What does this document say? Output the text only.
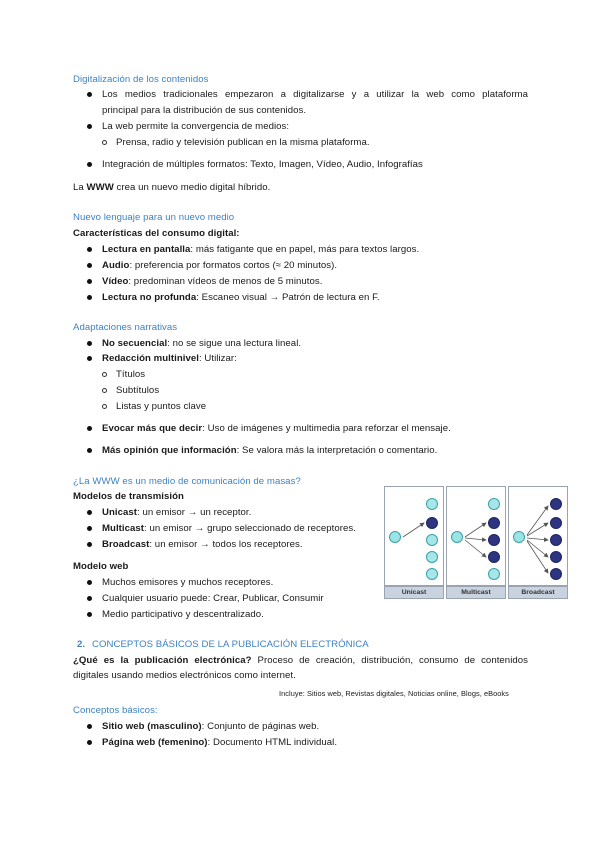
Digitalización de los contenidos
Los medios tradicionales empezaron a digitalizarse y a utilizar la web como plataforma
principal para la distribución de sus contenidos.
La web permite la convergencia de medios:
Prensa, radio y televisión publican en la misma plataforma.
Integración de múltiples formatos: Texto, Imagen, Vídeo, Audio, Infografías
La WWW crea un nuevo medio digital híbrido.
Nuevo lenguaje para un nuevo medio
Características del consumo digital:
Lectura en pantalla: más fatigante que en papel, más para textos largos.
Audio: preferencia por formatos cortos (≈ 20 minutos).
Vídeo: predominan vídeos de menos de 5 minutos.
Lectura no profunda: Escaneo visual → Patrón de lectura en F.
Adaptaciones narrativas
No secuencial: no se sigue una lectura lineal.
Redacción multinivel: Utilizar:
Títulos
Subtítulos
Listas y puntos clave
Evocar más que decir: Uso de imágenes y multimedia para reforzar el mensaje.
Más opinión que información: Se valora más la interpretación o comentario.
¿La WWW es un medio de comunicación de masas?
Modelos de transmisión
Unicast: un emisor → un receptor.
Multicast: un emisor → grupo seleccionado de receptores.
Broadcast: un emisor → todos los receptores.
Modelo web
Muchos emisores y muchos receptores.
Cualquier usuario puede: Crear, Publicar, Consumir
Medio participativo y descentralizado.
Unicast	Multicast	Broadcast
2. CONCEPTOS BÁSICOS DE LA PUBLICACIÓN ELECTRÓNICA
¿Qué es la publicación electrónica? Proceso de creación, distribución, consumo de contenidos
digitales usando medios electrónicos como internet.
Incluye: Sitios web, Revistas digitales, Noticias online, Blogs, eBooks
Conceptos básicos:
Sitio web (masculino): Conjunto de páginas web.
Página web (femenino): Documento HTML individual.
